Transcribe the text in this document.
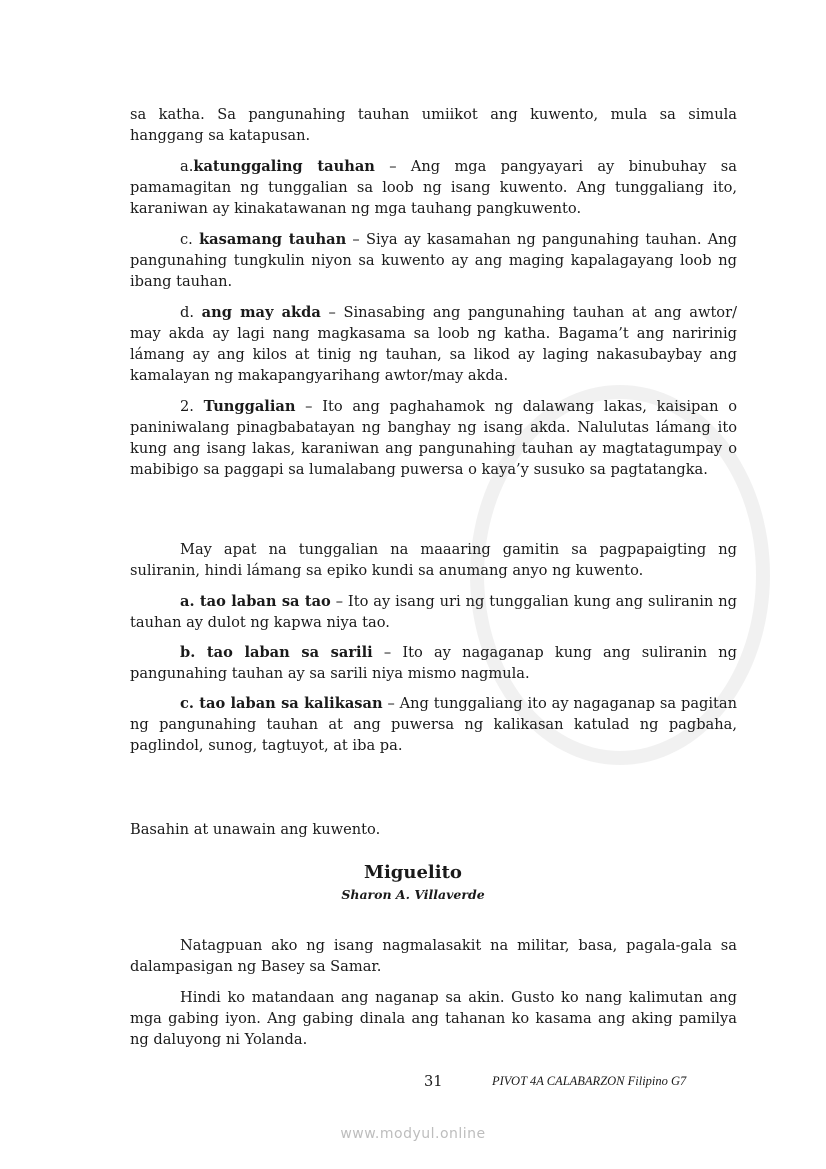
sa katha. Sa pangunahing tauhan umiikot ang kuwento, mula sa simula hanggang sa katapusan.
a.katunggaling tauhan – Ang mga pangyayari ay binubuhay sa pamamagitan ng tunggalian sa loob ng isang kuwento. Ang tunggaliang ito, karaniwan ay kinakatawanan ng mga tauhang pangkuwento.
c. kasamang tauhan – Siya ay kasamahan ng pangunahing tauhan. Ang pangunahing tungkulin niyon sa kuwento ay ang maging kapalagayang loob ng ibang tauhan.
d. ang may akda – Sinasabing ang pangunahing tauhan at ang awtor/ may akda ay lagi nang magkasama sa loob ng katha. Bagama’t ang naririnig lámang ay ang kilos at tinig ng tauhan, sa likod ay laging nakasubaybay ang kamalayan ng makapangyarihang awtor/may akda.
2. Tunggalian – Ito ang paghahamok ng dalawang lakas, kaisipan o paniniwalang pinagbabatayan ng banghay ng isang akda. Nalulutas lámang ito kung ang isang lakas, karaniwan ang pangunahing tauhan ay magtatagumpay o mabibigo sa paggapi sa lumalabang puwersa o kaya’y susuko sa pagtatangka.
May apat na tunggalian na maaaring gamitin sa pagpapaigting ng suliranin, hindi lámang sa epiko kundi sa anumang anyo ng kuwento.
a. tao laban sa tao – Ito ay isang uri ng tunggalian kung ang suliranin ng tauhan ay dulot ng kapwa niya tao.
b. tao laban sa sarili – Ito ay nagaganap kung ang suliranin ng pangunahing tauhan ay sa sarili niya mismo nagmula.
c. tao laban sa kalikasan – Ang tunggaliang ito ay nagaganap sa pagitan ng pangunahing tauhan at ang puwersa ng kalikasan katulad ng pagbaha, paglindol, sunog, tagtuyot, at iba pa.
Basahin at unawain ang kuwento.
Miguelito
Sharon A. Villaverde
Natagpuan ako ng isang nagmalasakit na militar, basa, pagala-gala sa dalampasigan ng Basey sa Samar.
Hindi ko matandaan ang naganap sa akin. Gusto ko nang kalimutan ang mga gabing iyon. Ang gabing dinala ang tahanan ko kasama ang aking pamilya ng daluyong ni Yolanda.
31	PIVOT 4A CALABARZON Filipino G7
www.modyul.online
